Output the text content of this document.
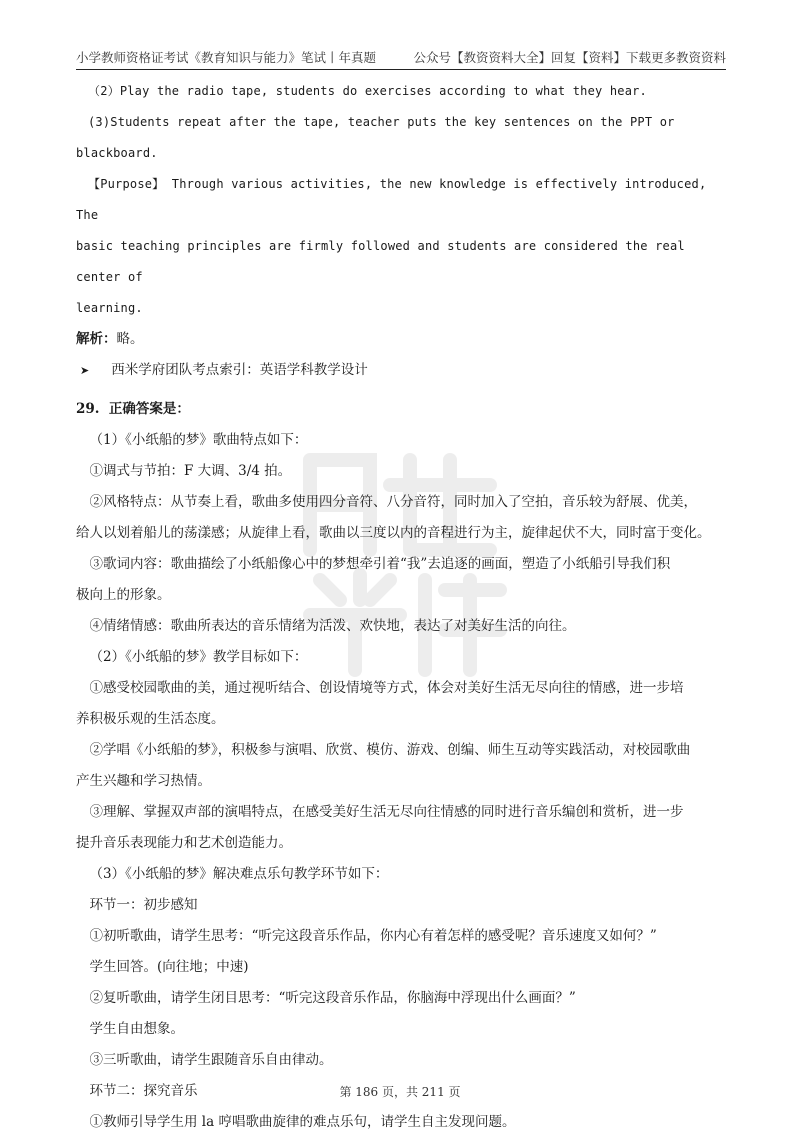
小学教师资格证考试《教育知识与能力》笔试丨年真题	公众号【教资资料大全】回复【资料】下载更多教资资料

（2）Play the radio tape, students do exercises according to what they hear.

(3)Students repeat after the tape, teacher puts the key sentences on the PPT or blackboard.

【Purpose】 Through various activities, the new knowledge is effectively introduced, The

basic teaching principles are firmly followed and students are considered the real center of

learning.

解析：略。

➤ 西米学府团队考点索引：英语学科教学设计

29. 正确答案是：

（1）《小纸船的梦》歌曲特点如下：

①调式与节拍：F 大调、3/4 拍。

②风格特点：从节奏上看，歌曲多使用四分音符、八分音符，同时加入了空拍，音乐较为舒展、优美，

给人以划着船儿的荡漾感；从旋律上看，歌曲以三度以内的音程进行为主，旋律起伏不大，同时富于变化。

③歌词内容：歌曲描绘了小纸船像心中的梦想牵引着“我”去追逐的画面，塑造了小纸船引导我们积

极向上的形象。

④情绪情感：歌曲所表达的音乐情绪为活泼、欢快地，表达了对美好生活的向往。

（2）《小纸船的梦》教学目标如下：

①感受校园歌曲的美，通过视听结合、创设情境等方式，体会对美好生活无尽向往的情感，进一步培

养积极乐观的生活态度。

②学唱《小纸船的梦》，积极参与演唱、欣赏、模仿、游戏、创编、师生互动等实践活动，对校园歌曲

产生兴趣和学习热情。

③理解、掌握双声部的演唱特点，在感受美好生活无尽向往情感的同时进行音乐编创和赏析，进一步

提升音乐表现能力和艺术创造能力。

（3）《小纸船的梦》解决难点乐句教学环节如下：

环节一：初步感知

①初听歌曲，请学生思考：“听完这段音乐作品，你内心有着怎样的感受呢？音乐速度又如何？”

学生回答。(向往地；中速)

②复听歌曲，请学生闭目思考：“听完这段音乐作品，你脑海中浮现出什么画面？”

学生自由想象。

③三听歌曲，请学生跟随音乐自由律动。

环节二：探究音乐

①教师引导学生用 la 哼唱歌曲旋律的难点乐句，请学生自主发现问题。

第 186 页，共 211 页
